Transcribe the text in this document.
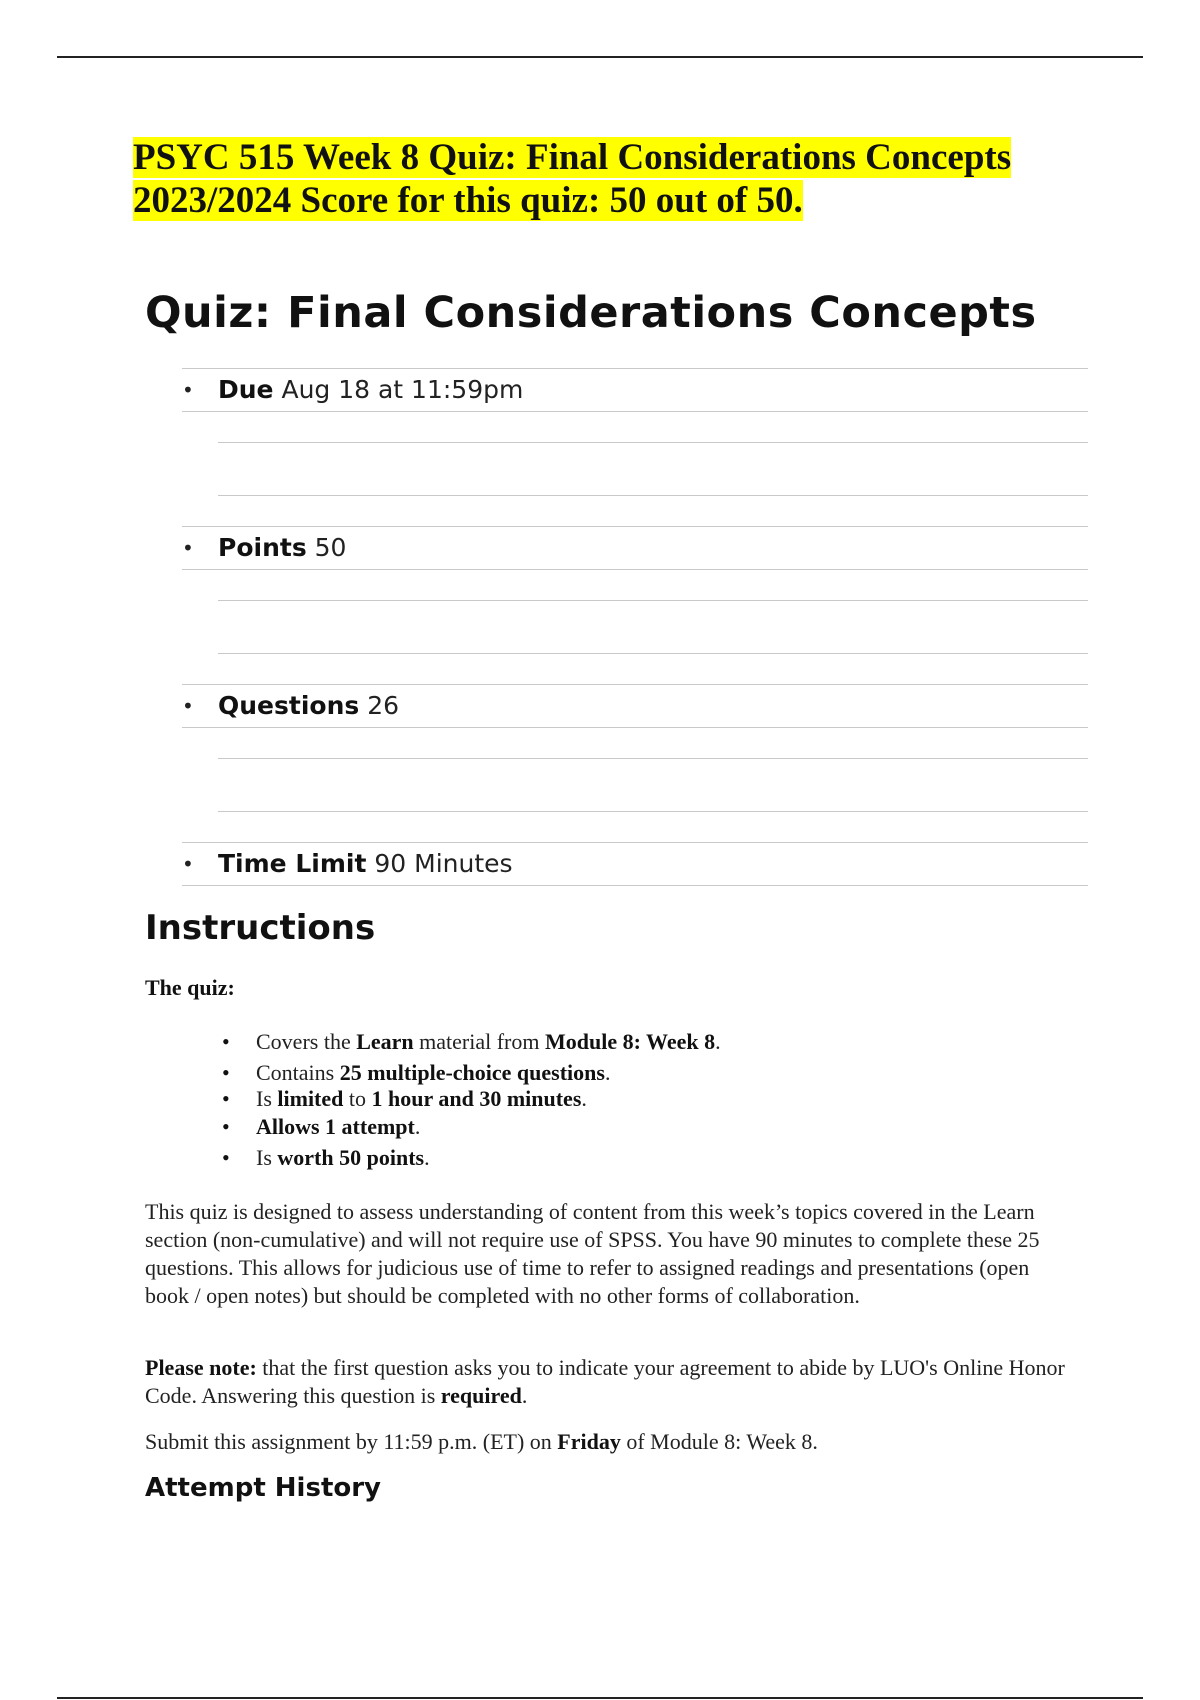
PSYC 515 Week 8 Quiz: Final Considerations Concepts 2023/2024 Score for this quiz: 50 out of 50.
Quiz: Final Considerations Concepts
• Due Aug 18 at 11:59pm
• Points 50
• Questions 26
• Time Limit 90 Minutes
Instructions

The quiz:

• Covers the Learn material from Module 8: Week 8.
• Contains 25 multiple-choice questions.
• Is limited to 1 hour and 30 minutes.
• Allows 1 attempt.
• Is worth 50 points.

This quiz is designed to assess understanding of content from this week’s topics covered in the Learn section (non-cumulative) and will not require use of SPSS. You have 90 minutes to complete these 25 questions. This allows for judicious use of time to refer to assigned readings and presentations (open book / open notes) but should be completed with no other forms of collaboration.

Please note: that the first question asks you to indicate your agreement to abide by LUO's Online Honor Code. Answering this question is required.

Submit this assignment by 11:59 p.m. (ET) on Friday of Module 8: Week 8.

Attempt History
